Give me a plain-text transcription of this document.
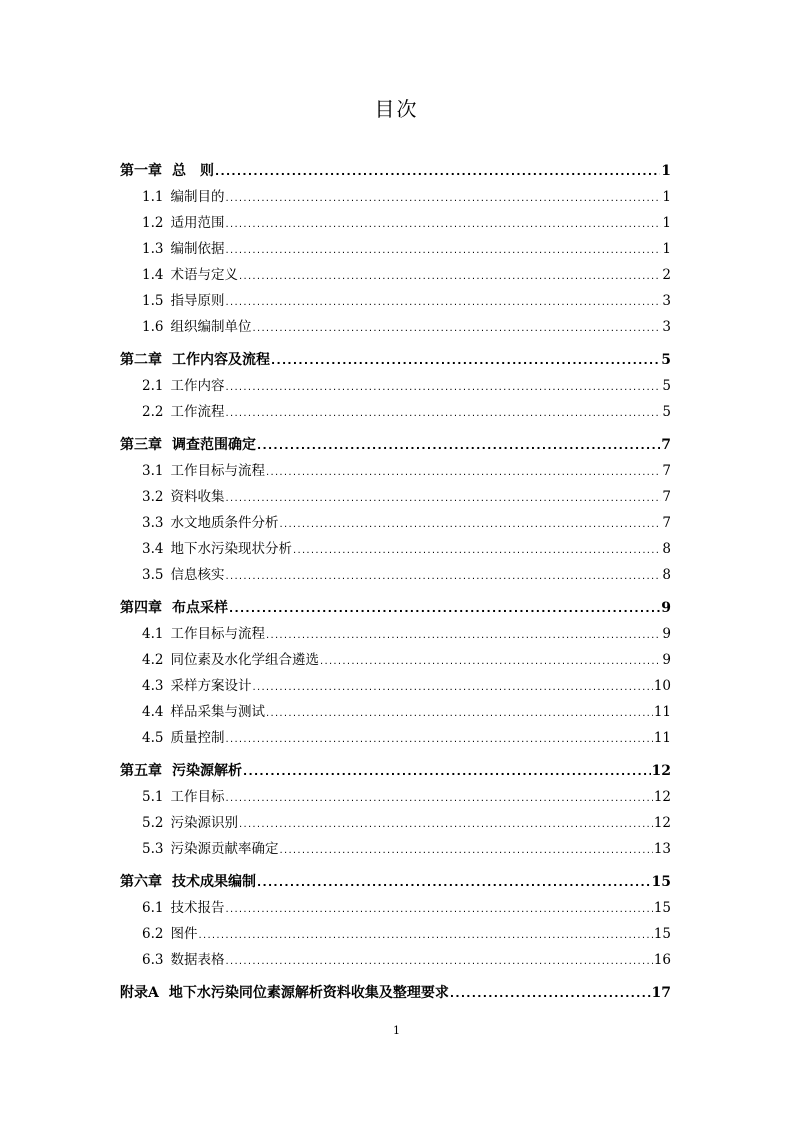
目次
第一章 总　则 .....	1
1.1 编制目的 .....	1
1.2 适用范围 .....	1
1.3 编制依据 .....	1
1.4 术语与定义 .....	2
1.5 指导原则 .....	3
1.6 组织编制单位 .....	3
第二章 工作内容及流程 .....	5
2.1 工作内容 .....	5
2.2 工作流程 .....	5
第三章 调查范围确定 .....	7
3.1 工作目标与流程 .....	7
3.2 资料收集 .....	7
3.3 水文地质条件分析 .....	7
3.4 地下水污染现状分析 .....	8
3.5 信息核实 .....	8
第四章 布点采样 .....	9
4.1 工作目标与流程 .....	9
4.2 同位素及水化学组合遴选 .....	9
4.3 采样方案设计 .....	10
4.4 样品采集与测试 .....	11
4.5 质量控制 .....	11
第五章 污染源解析 .....	12
5.1 工作目标 .....	12
5.2 污染源识别 .....	12
5.3 污染源贡献率确定 .....	13
第六章 技术成果编制 .....	15
6.1 技术报告 .....	15
6.2 图件 .....	15
6.3 数据表格 .....	16
附录A 地下水污染同位素源解析资料收集及整理要求 .....	17
1
